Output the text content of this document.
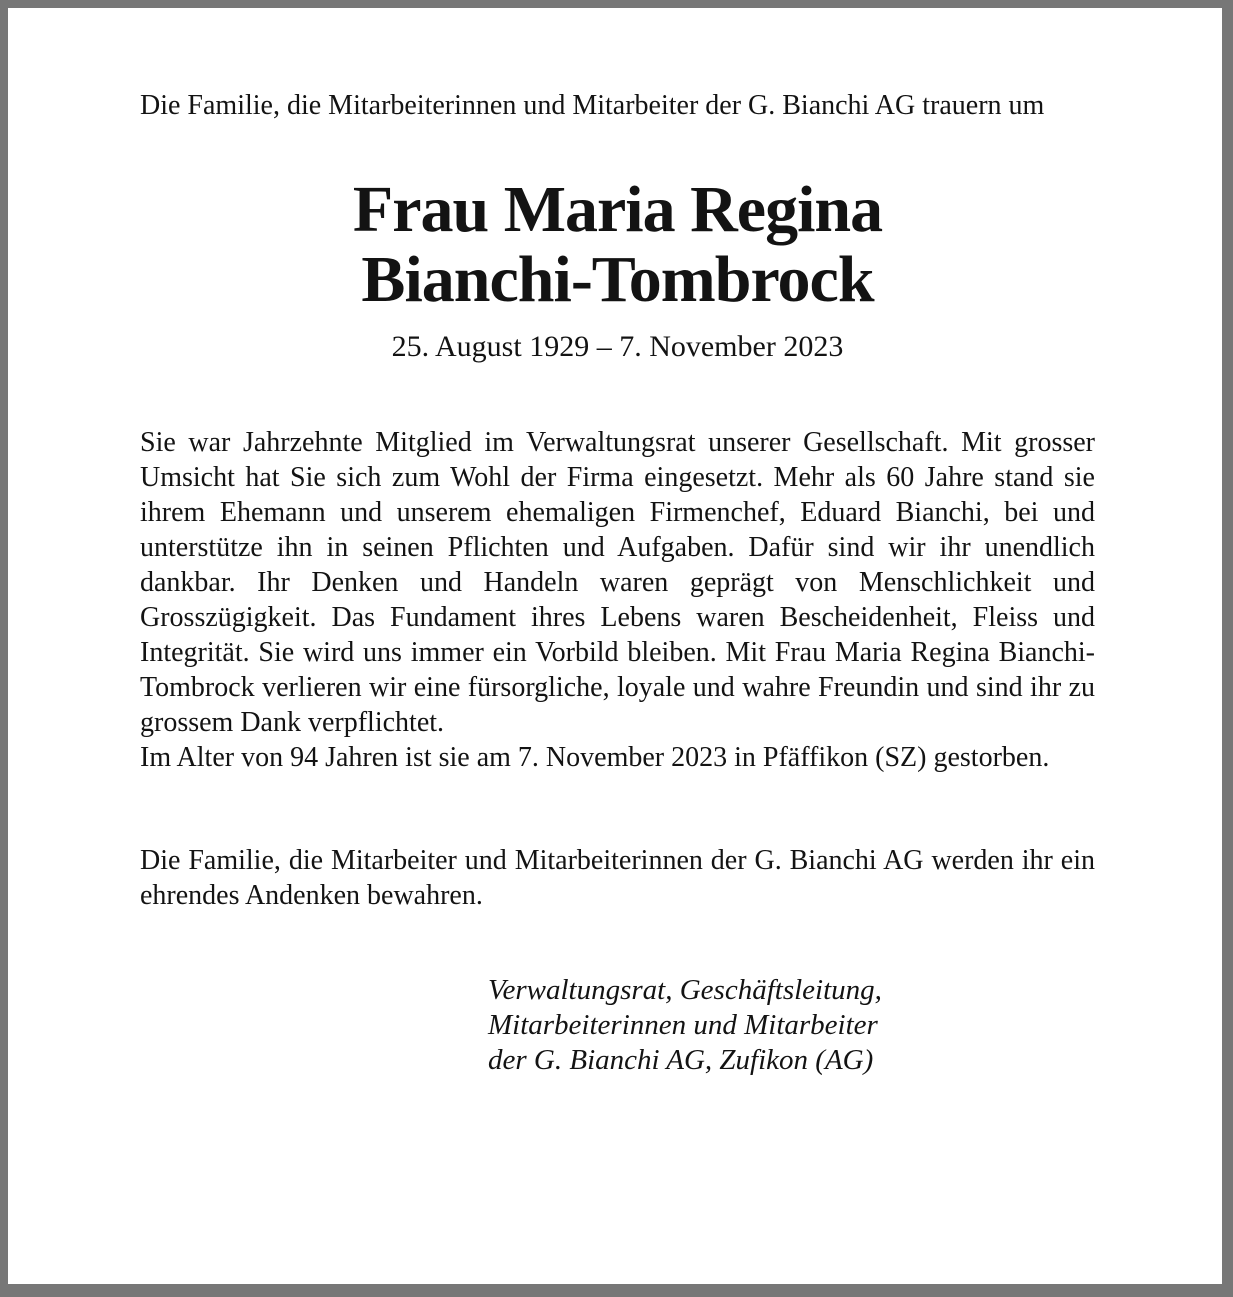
Die Familie, die Mitarbeiterinnen und Mitarbeiter der G. Bianchi AG trauern um

Frau Maria Regina
Bianchi-Tombrock

25. August 1929 – 7. November 2023

Sie war Jahrzehnte Mitglied im Verwaltungsrat unserer Gesellschaft. Mit grosser Umsicht hat Sie sich zum Wohl der Firma eingesetzt. Mehr als 60 Jahre stand sie ihrem Ehemann und unserem ehemaligen Firmenchef, Eduard Bianchi, bei und unterstütze ihn in seinen Pflichten und Aufgaben. Dafür sind wir ihr unendlich dankbar. Ihr Denken und Handeln waren geprägt von Menschlichkeit und Grosszügigkeit. Das Fundament ihres Lebens waren Bescheidenheit, Fleiss und Integrität. Sie wird uns immer ein Vorbild bleiben. Mit Frau Maria Regina Bianchi-Tombrock verlieren wir eine fürsorgliche, loyale und wahre Freundin und sind ihr zu grossem Dank verpflichtet.

Im Alter von 94 Jahren ist sie am 7. November 2023 in Pfäffikon (SZ) gestorben.

Die Familie, die Mitarbeiter und Mitarbeiterinnen der G. Bianchi AG werden ihr ein ehrendes Andenken bewahren.

Verwaltungsrat, Geschäftsleitung,
Mitarbeiterinnen und Mitarbeiter
der G. Bianchi AG, Zufikon (AG)
